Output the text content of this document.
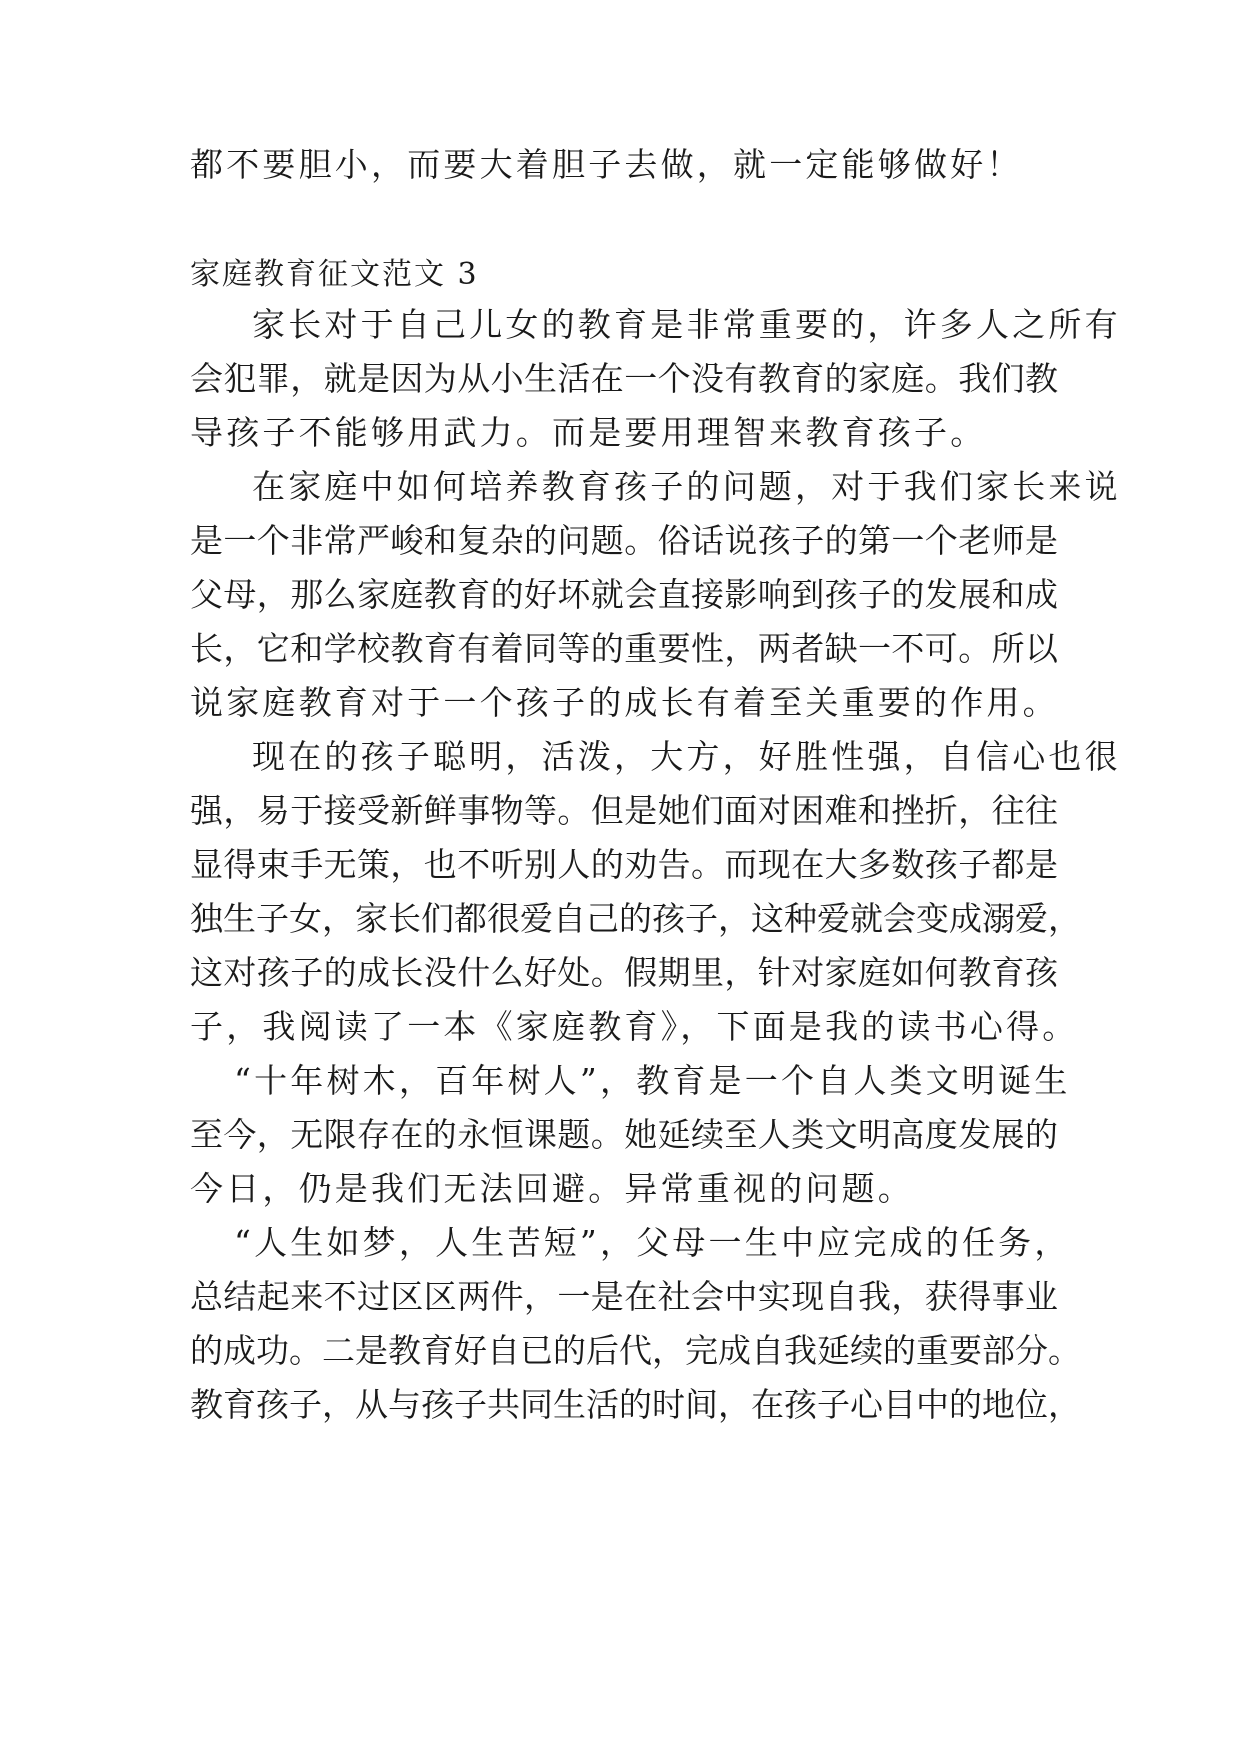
都不要胆小，而要大着胆子去做，就一定能够做好！
家庭教育征文范文 3
家长对于自己儿女的教育是非常重要的，许多人之所有
会犯罪，就是因为从小生活在一个没有教育的家庭。我们教
导孩子不能够用武力。而是要用理智来教育孩子。
在家庭中如何培养教育孩子的问题，对于我们家长来说
是一个非常严峻和复杂的问题。俗话说孩子的第一个老师是
父母，那么家庭教育的好坏就会直接影响到孩子的发展和成
长，它和学校教育有着同等的重要性，两者缺一不可。所以
说家庭教育对于一个孩子的成长有着至关重要的作用。
现在的孩子聪明，活泼，大方，好胜性强，自信心也很
强，易于接受新鲜事物等。但是她们面对困难和挫折，往往
显得束手无策，也不听别人的劝告。而现在大多数孩子都是
独生子女，家长们都很爱自己的孩子，这种爱就会变成溺爱，
这对孩子的成长没什么好处。假期里，针对家庭如何教育孩
子，我阅读了一本《家庭教育》，下面是我的读书心得。
“十年树木，百年树人”，教育是一个自人类文明诞生
至今，无限存在的永恒课题。她延续至人类文明高度发展的
今日，仍是我们无法回避。异常重视的问题。
“人生如梦，人生苦短”，父母一生中应完成的任务，
总结起来不过区区两件，一是在社会中实现自我，获得事业
的成功。二是教育好自已的后代，完成自我延续的重要部分。
教育孩子，从与孩子共同生活的时间，在孩子心目中的地位，
